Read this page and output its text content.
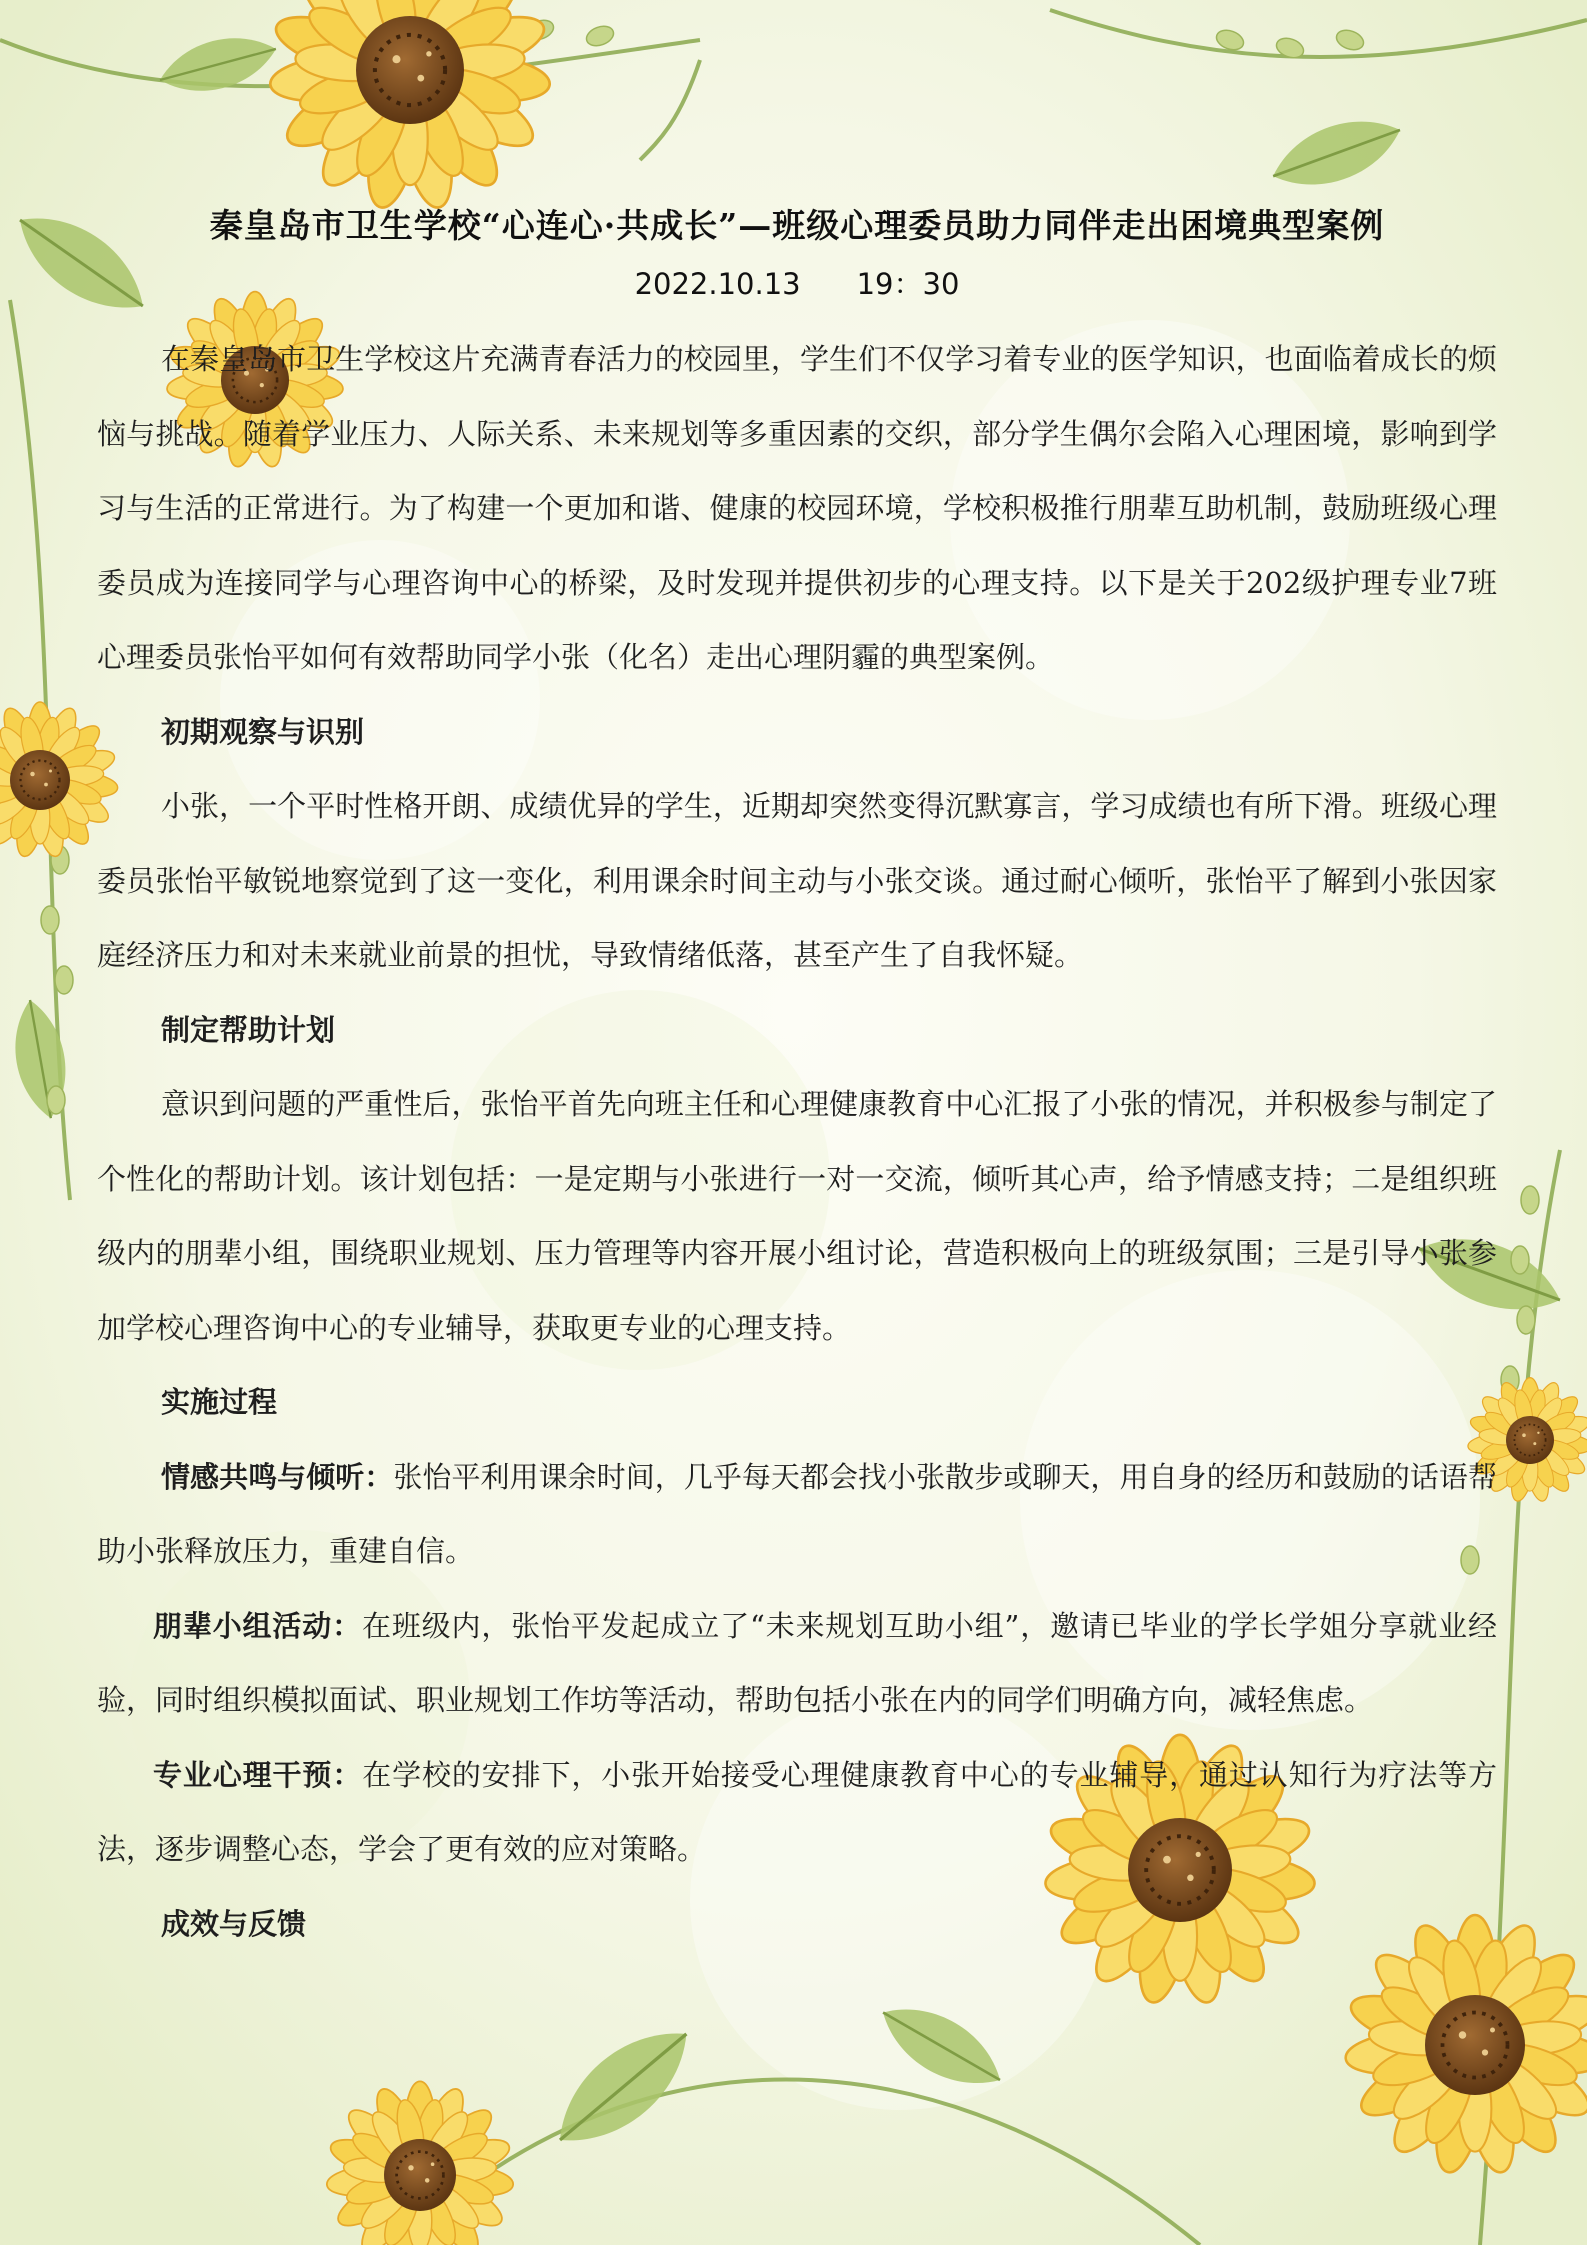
秦皇岛市卫生学校“心连心·共成长”—班级心理委员助力同伴走出困境典型案例

2022.10.13 19：30

在秦皇岛市卫生学校这片充满青春活力的校园里，学生们不仅学习着专业的医学知识，也面临着成长的烦恼与挑战。随着学业压力、人际关系、未来规划等多重因素的交织，部分学生偶尔会陷入心理困境，影响到学习与生活的正常进行。为了构建一个更加和谐、健康的校园环境，学校积极推行朋辈互助机制，鼓励班级心理委员成为连接同学与心理咨询中心的桥梁，及时发现并提供初步的心理支持。以下是关于202级护理专业7班心理委员张怡平如何有效帮助同学小张（化名）走出心理阴霾的典型案例。

初期观察与识别

小张，一个平时性格开朗、成绩优异的学生，近期却突然变得沉默寡言，学习成绩也有所下滑。班级心理委员张怡平敏锐地察觉到了这一变化，利用课余时间主动与小张交谈。通过耐心倾听，张怡平了解到小张因家庭经济压力和对未来就业前景的担忧，导致情绪低落，甚至产生了自我怀疑。

制定帮助计划

意识到问题的严重性后，张怡平首先向班主任和心理健康教育中心汇报了小张的情况，并积极参与制定了个性化的帮助计划。该计划包括：一是定期与小张进行一对一交流，倾听其心声，给予情感支持；二是组织班级内的朋辈小组，围绕职业规划、压力管理等内容开展小组讨论，营造积极向上的班级氛围；三是引导小张参加学校心理咨询中心的专业辅导，获取更专业的心理支持。

实施过程

情感共鸣与倾听：张怡平利用课余时间，几乎每天都会找小张散步或聊天，用自身的经历和鼓励的话语帮助小张释放压力，重建自信。

朋辈小组活动：在班级内，张怡平发起成立了“未来规划互助小组”，邀请已毕业的学长学姐分享就业经验，同时组织模拟面试、职业规划工作坊等活动，帮助包括小张在内的同学们明确方向，减轻焦虑。

专业心理干预：在学校的安排下，小张开始接受心理健康教育中心的专业辅导，通过认知行为疗法等方法，逐步调整心态，学会了更有效的应对策略。

成效与反馈
